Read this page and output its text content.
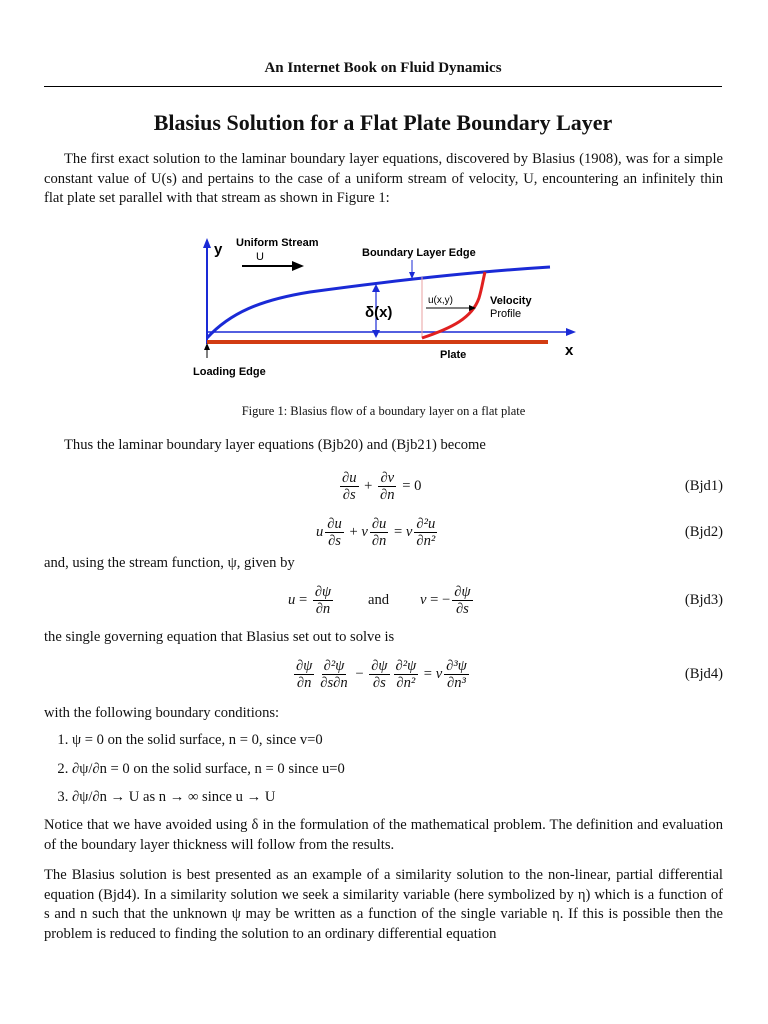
An Internet Book on Fluid Dynamics
Blasius Solution for a Flat Plate Boundary Layer
The first exact solution to the laminar boundary layer equations, discovered by Blasius (1908), was for a simple constant value of U(s) and pertains to the case of a uniform stream of velocity, U, encountering an infinitely thin flat plate set parallel with that stream as shown in Figure 1:
y
x
Uniform Stream
U	Boundary Layer Edge
δ(x)
u(x,y)	Velocity
Profile
Plate
Loading Edge
Figure 1: Blasius flow of a boundary layer on a flat plate
Thus the laminar boundary layer equations (Bjb20) and (Bjb21) become
$\frac{\partial u}{\partial s} + \frac{\partial v}{\partial n} = 0$	(Bjd1)
u $\frac{\partial u}{\partial s} + v \frac{\partial u}{\partial n} = \nu \frac{\text{∂²u}}{\text{∂n²}}$	(Bjd2)
and, using the stream function, ψ, given by
$u = \frac{\partial\psi}{\partial n}$ and v = − $\frac{\partial\psi}{\partial s}$	(Bjd3)
the single governing equation that Blasius set out to solve is
$\frac{\partial\psi}{\partial n} \frac{\text{∂²ψ}}{\partial s\partial n} - \frac{\partial\psi}{\partial s} \frac{\text{∂²ψ}}{\text{∂n²}} = \nu \frac{\text{∂³ψ}}{\text{∂n³}}$	(Bjd4)
with the following boundary conditions:
1. ψ = 0 on the solid surface, n = 0, since v=0
2. ∂ψ/∂n = 0 on the solid surface, n = 0 since u=0
3. ∂ψ/∂n → U as n → ∞ since u → U
Notice that we have avoided using δ in the formulation of the mathematical problem. The definition and evaluation of the boundary layer thickness will follow from the results.
The Blasius solution is best presented as an example of a similarity solution to the non-linear, partial differential equation (Bjd4). In a similarity solution we seek a similarity variable (here symbolized by η) which is a function of s and n such that the unknown ψ may be written as a function of the single variable η. If this is possible then the problem is reduced to finding the solution to an ordinary differential equation
